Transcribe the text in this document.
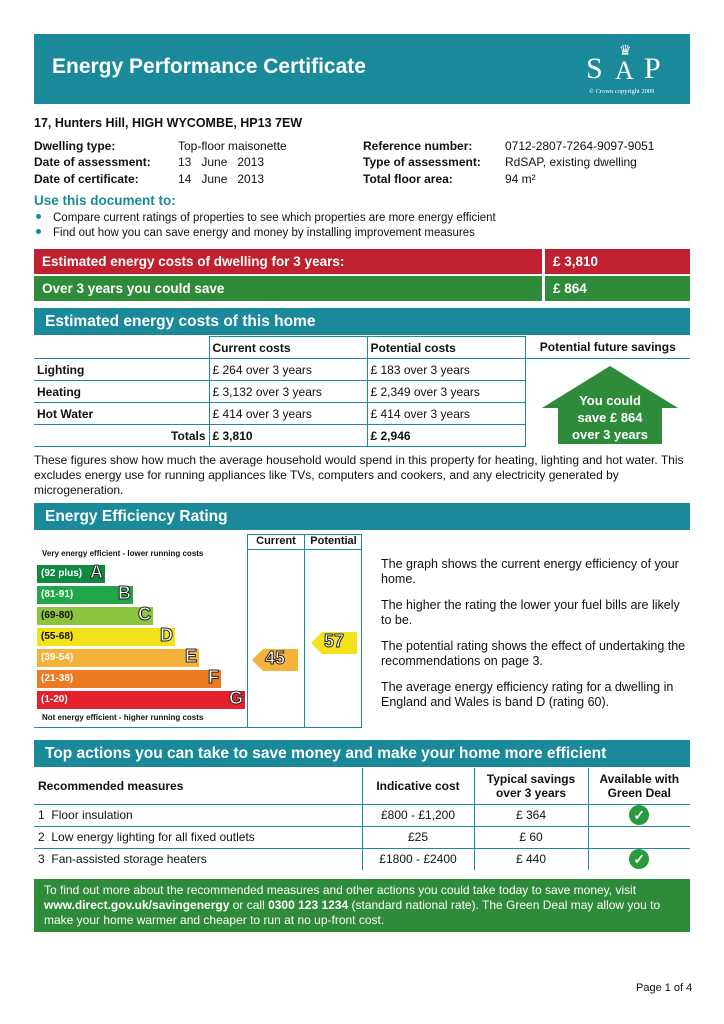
Energy Performance Certificate
♛
S A P
© Crown copyright 2009
17, Hunters Hill, HIGH WYCOMBE, HP13 7EW
Dwelling type:	Top-floor maisonette
Date of assessment: 13   June   2013
Date of certificate:	14   June   2013
Reference number:	0712-2807-7264-9097-9051
Type of assessment: RdSAP, existing dwelling
Total floor area:	94 m²
Use this document to:
Compare current ratings of properties to see which properties are more energy efficient
Find out how you can save energy and money by installing improvement measures
Estimated energy costs of dwelling for 3 years:	£ 3,810
Over 3 years you could save	£ 864
Estimated energy costs of this home
	Current costs	Potential costs	Potential future savings
Lighting	£ 264 over 3 years	£ 183 over 3 years	
Heating	£ 3,132 over 3 years	£ 2,349 over 3 years	
Hot Water	£ 414 over 3 years	£ 414 over 3 years	
Totals	£ 3,810	£ 2,946	
You could
save £ 864
over 3 years
These figures show how much the average household would spend in this property for heating, lighting and hot water. This excludes energy use for running appliances like TVs, computers and cookers, and any electricity generated by microgeneration.
Energy Efficiency Rating
Current	Potential
Very energy efficient - lower running costs
Not energy efficient - higher running costs
(92 plus) A
(81-91) B
(69-80)	C
(55-68)	D
(39-54)	E
(21-38)	F
(1-20)	G
45
57

The graph shows the current energy efficiency of your home.

The higher the rating the lower your fuel bills are likely to be.

The potential rating shows the effect of undertaking the recommendations on page 3.

The average energy efficiency rating for a dwelling in England and Wales is band D (rating 60).

Top actions you can take to save money and make your home more efficient
Recommended measures	Indicative cost	Typical savings over 3 years	Available with Green Deal
1 Floor insulation	£800 - £1,200	£ 364	✓
2 Low energy lighting for all fixed outlets	£25	£ 60	
3 Fan-assisted storage heaters	£1800 - £2400	£ 440	✓
To find out more about the recommended measures and other actions you could take today to save money, visit www.direct.gov.uk/savingenergy or call 0300 123 1234 (standard national rate). The Green Deal may allow you to make your home warmer and cheaper to run at no up-front cost.
Page 1 of 4
